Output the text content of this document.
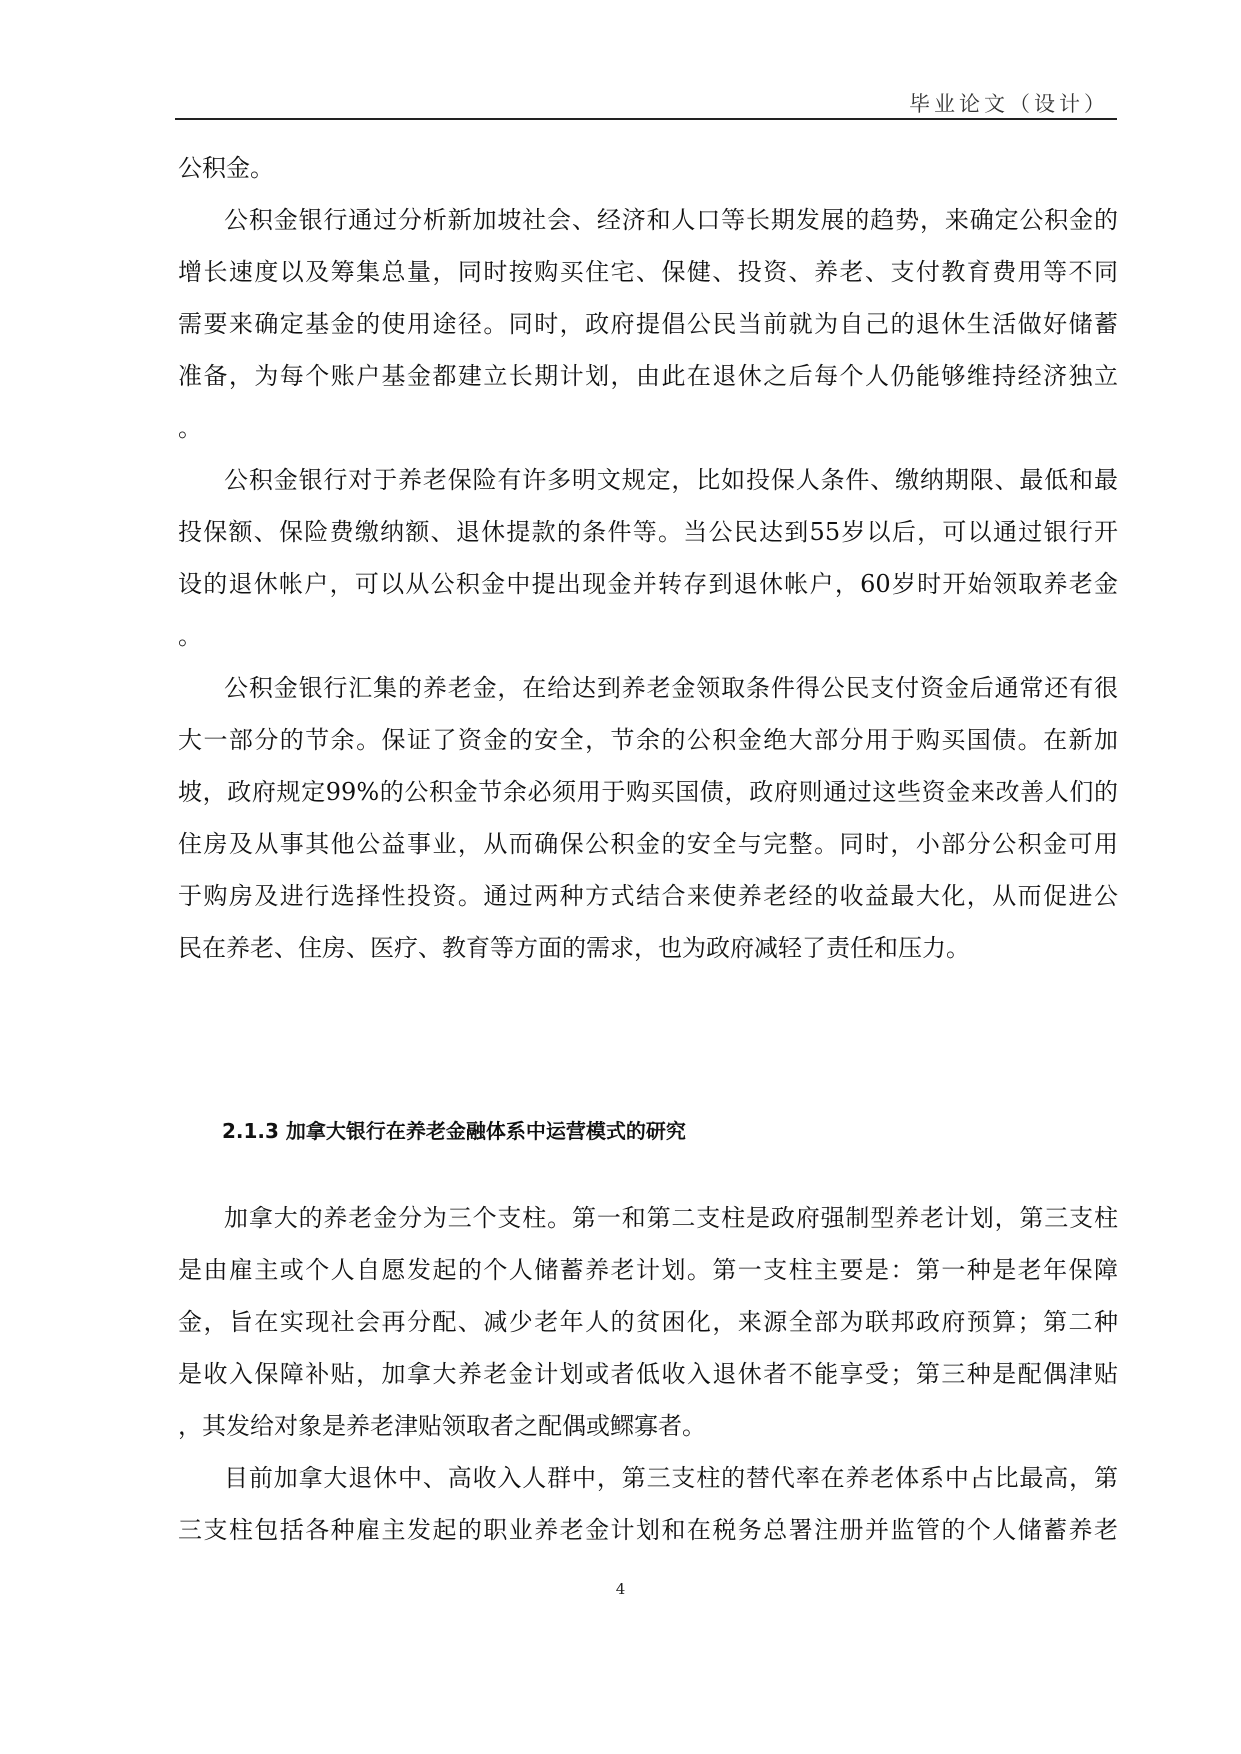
毕业论文（设计）
公积金。
公积金银行通过分析新加坡社会、经济和人口等长期发展的趋势，来确定公积金的
增长速度以及筹集总量，同时按购买住宅、保健、投资、养老、支付教育费用等不同
需要来确定基金的使用途径。同时，政府提倡公民当前就为自己的退休生活做好储蓄
准备，为每个账户基金都建立长期计划，由此在退休之后每个人仍能够维持经济独立
。
公积金银行对于养老保险有许多明文规定，比如投保人条件、缴纳期限、最低和最
投保额、保险费缴纳额、退休提款的条件等。当公民达到55岁以后，可以通过银行开
设的退休帐户，可以从公积金中提出现金并转存到退休帐户，60岁时开始领取养老金
。
公积金银行汇集的养老金，在给达到养老金领取条件得公民支付资金后通常还有很
大一部分的节余。保证了资金的安全，节余的公积金绝大部分用于购买国债。在新加
坡，政府规定99%的公积金节余必须用于购买国债，政府则通过这些资金来改善人们的
住房及从事其他公益事业，从而确保公积金的安全与完整。同时，小部分公积金可用
于购房及进行选择性投资。通过两种方式结合来使养老经的收益最大化，从而促进公
民在养老、住房、医疗、教育等方面的需求，也为政府减轻了责任和压力。
加拿大的养老金分为三个支柱。第一和第二支柱是政府强制型养老计划，第三支柱
是由雇主或个人自愿发起的个人储蓄养老计划。第一支柱主要是：第一种是老年保障
金，旨在实现社会再分配、减少老年人的贫困化，来源全部为联邦政府预算；第二种
是收入保障补贴，加拿大养老金计划或者低收入退休者不能享受；第三种是配偶津贴
，其发给对象是养老津贴领取者之配偶或鳏寡者。
目前加拿大退休中、高收入人群中，第三支柱的替代率在养老体系中占比最高，第
三支柱包括各种雇主发起的职业养老金计划和在税务总署注册并监管的个人储蓄养老
2.1.3 加拿大银行在养老金融体系中运营模式的研究
4
